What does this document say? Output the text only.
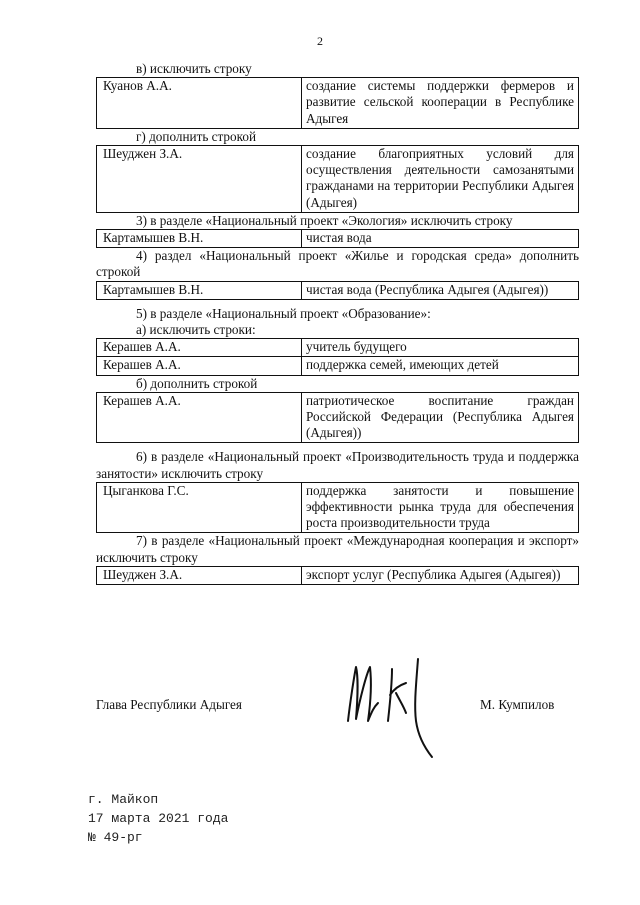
2
в) исключить строку
Куанов А.А.	создание системы поддержки фермеров и развитие сельской кооперации в Республике Адыгея
г) дополнить строкой
Шеуджен З.А.	создание благоприятных условий для осуществления деятельности самозанятыми гражданами на территории Республики Адыгея (Адыгея)
3) в разделе «Национальный проект «Экология» исключить строку
Картамышев В.Н.	чистая вода
4) раздел «Национальный проект «Жилье и городская среда» дополнить строкой
Картамышев В.Н.	чистая вода (Республика Адыгея (Адыгея))
5) в разделе «Национальный проект «Образование»:
а) исключить строки:
Керашев А.А.	учитель будущего
Керашев А.А.	поддержка семей, имеющих детей
б) дополнить строкой
Керашев А.А.	патриотическое воспитание граждан Российской Федерации (Республика Адыгея (Адыгея))
6) в разделе «Национальный проект «Производительность труда и поддержка занятости» исключить строку
Цыганкова Г.С.	поддержка занятости и повышение эффективности рынка труда для обеспечения роста производительности труда
7) в разделе «Национальный проект «Международная кооперация и экспорт» исключить строку
Шеуджен З.А.	экспорт услуг (Республика Адыгея (Адыгея))
Глава Республики Адыгея	М. Кумпилов
г. Майкоп
17 марта 2021 года
№ 49-рг
